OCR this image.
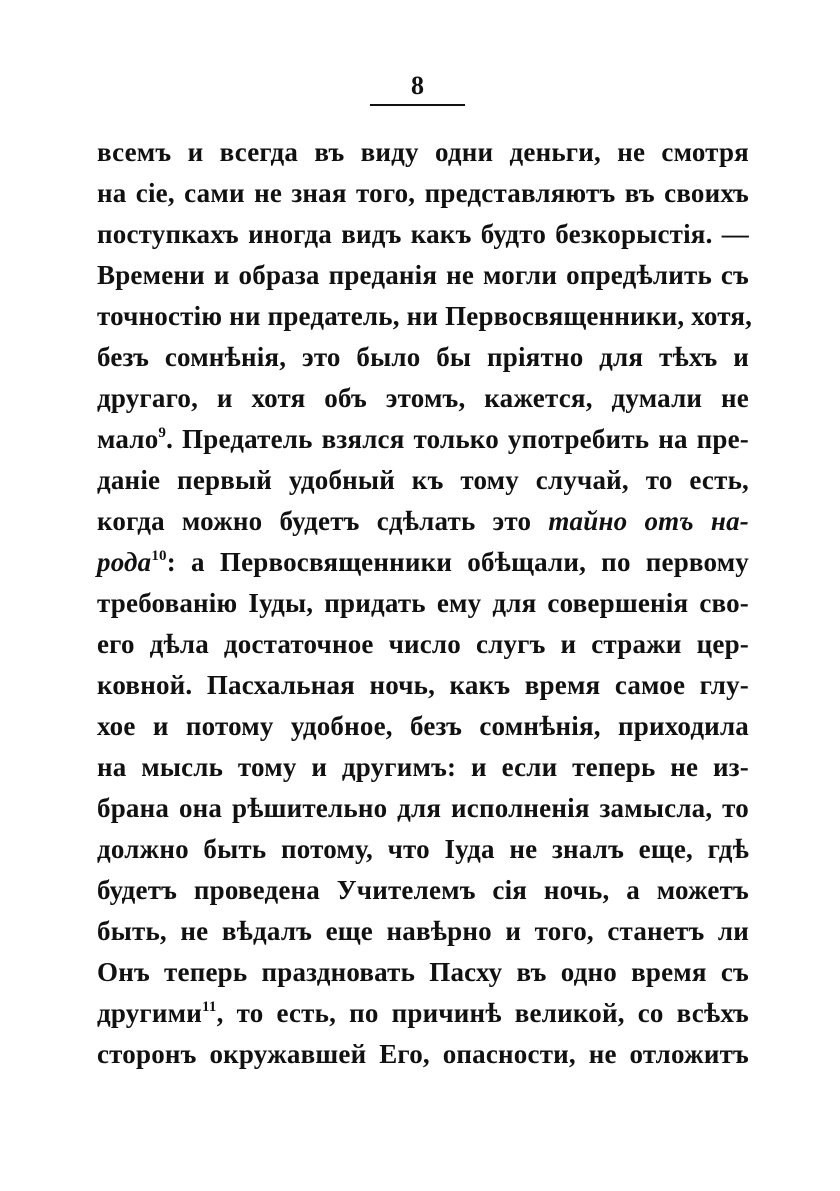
8
всемъ и всегда въ виду одни деньги, не смотря
на сіе, сами не зная того, представляютъ въ своихъ
поступкахъ иногда видъ какъ будто безкорыстія. —
Времени и образа преданія не могли опредѣлить съ
точностію ни предатель, ни Первосвященники, хотя,
безъ сомнѣнія, это было бы пріятно для тѣхъ и
другаго, и хотя объ этомъ, кажется, думали не
мало$^9$. Предатель взялся только употребить на пре-
даніе первый удобный къ тому случай, то есть,
когда можно будетъ сдѣлать это тайно отъ на-
рода$^{10}$: а Первосвященники обѣщали, по первому
требованію Іуды, придать ему для совершенія сво-
его дѣла достаточное число слугъ и стражи цер-
ковной. Пасхальная ночь, какъ время самое глу-
хое и потому удобное, безъ сомнѣнія, приходила
на мысль тому и другимъ: и если теперь не из-
брана она рѣшительно для исполненія замысла, то
должно быть потому, что Іуда не зналъ еще, гдѣ
будетъ проведена Учителемъ сія ночь, а можетъ
быть, не вѣдалъ еще навѣрно и того, станетъ ли
Онъ теперь праздновать Пасху въ одно время съ
другими$^{11}$, то есть, по причинѣ великой, со всѣхъ
сторонъ окружавшей Его, опасности, не отложитъ
